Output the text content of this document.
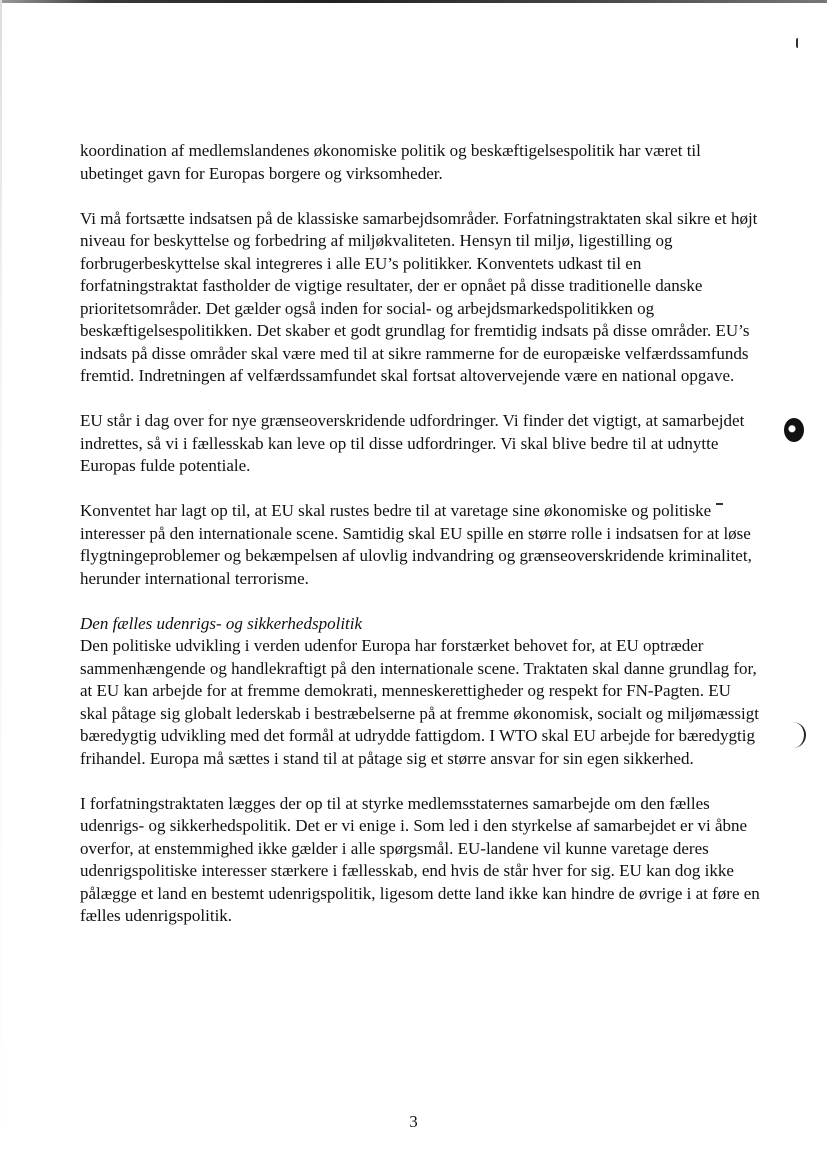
koordination af medlemslandenes økonomiske politik og beskæftigelsespolitik har været til ubetinget gavn for Europas borgere og virksomheder.

Vi må fortsætte indsatsen på de klassiske samarbejdsområder. Forfatningstraktaten skal sikre et højt niveau for beskyttelse og forbedring af miljøkvaliteten. Hensyn til miljø, ligestilling og forbrugerbeskyttelse skal integreres i alle EU’s politikker. Konventets udkast til en forfatningstraktat fastholder de vigtige resultater, der er opnået på disse traditionelle danske prioritetsområder. Det gælder også inden for social- og arbejdsmarkedspolitikken og beskæftigelsespolitikken. Det skaber et godt grundlag for fremtidig indsats på disse områder. EU’s indsats på disse områder skal være med til at sikre rammerne for de europæiske velfærdssamfunds fremtid. Indretningen af velfærdssamfundet skal fortsat altovervejende være en national opgave.

EU står i dag over for nye grænseoverskridende udfordringer. Vi finder det vigtigt, at samarbejdet indrettes, så vi i fællesskab kan leve op til disse udfordringer. Vi skal blive bedre til at udnytte Europas fulde potentiale.

Konventet har lagt op til, at EU skal rustes bedre til at varetage sine økonomiske og politiske interesser på den internationale scene. Samtidig skal EU spille en større rolle i indsatsen for at løse flygtningeproblemer og bekæmpelsen af ulovlig indvandring og grænseoverskridende kriminalitet, herunder international terrorisme.

Den fælles udenrigs- og sikkerhedspolitik

Den politiske udvikling i verden udenfor Europa har forstærket behovet for, at EU optræder sammenhængende og handlekraftigt på den internationale scene. Traktaten skal danne grundlag for, at EU kan arbejde for at fremme demokrati, menneskerettigheder og respekt for FN-Pagten. EU skal påtage sig globalt lederskab i bestræbelserne på at fremme økonomisk, socialt og miljømæssigt bæredygtig udvikling med det formål at udrydde fattigdom. I WTO skal EU arbejde for bæredygtig frihandel. Europa må sættes i stand til at påtage sig et større ansvar for sin egen sikkerhed.

I forfatningstraktaten lægges der op til at styrke medlemsstaternes samarbejde om den fælles udenrigs- og sikkerhedspolitik. Det er vi enige i. Som led i den styrkelse af samarbejdet er vi åbne overfor, at enstemmighed ikke gælder i alle spørgsmål. EU-landene vil kunne varetage deres udenrigspolitiske interesser stærkere i fællesskab, end hvis de står hver for sig. EU kan dog ikke pålægge et land en bestemt udenrigspolitik, ligesom dette land ikke kan hindre de øvrige i at føre en fælles udenrigspolitik.

3
